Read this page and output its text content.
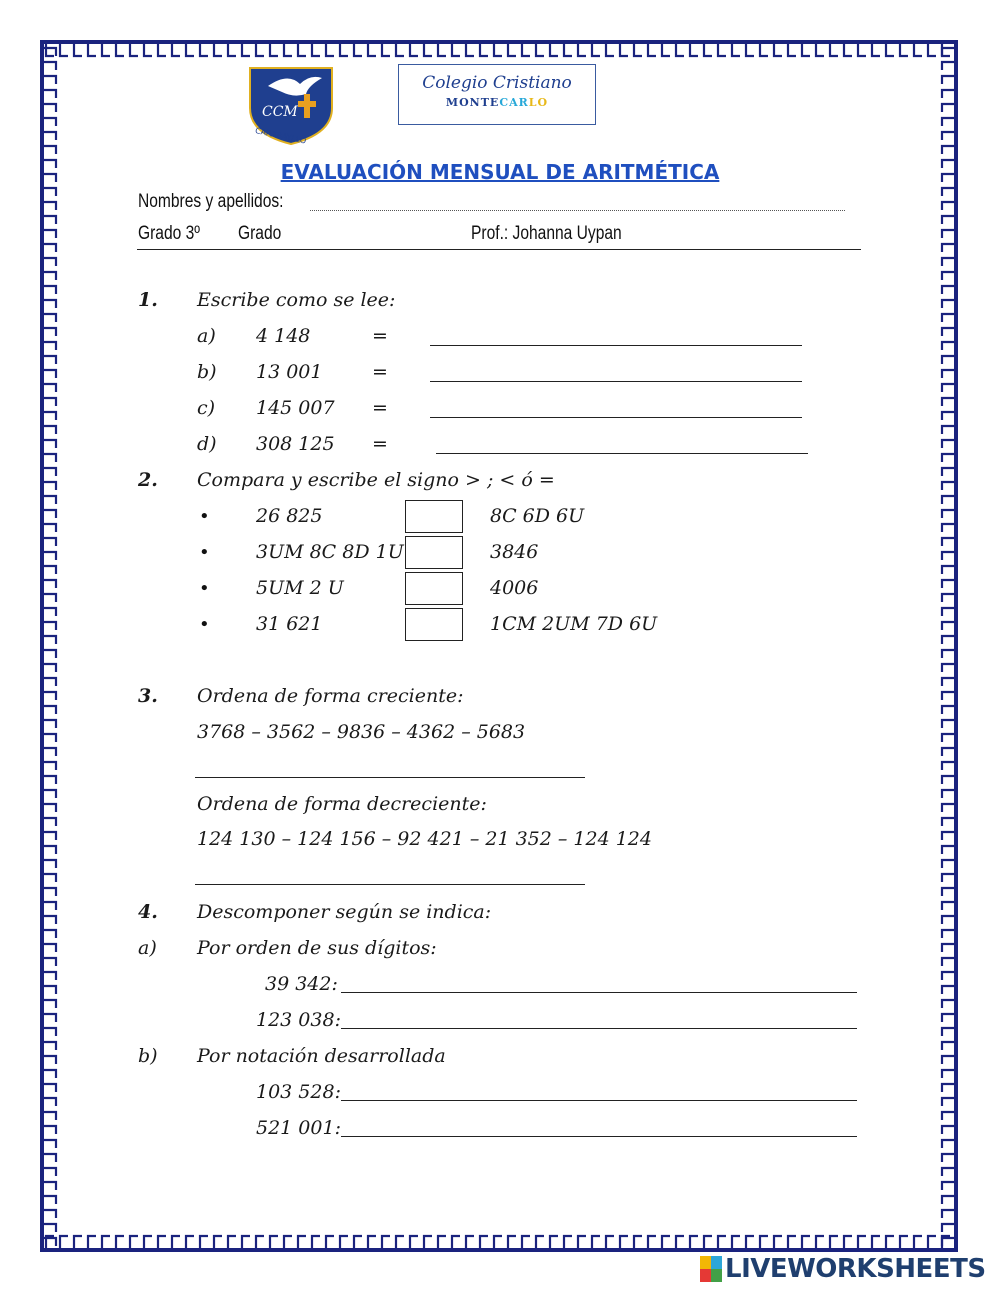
CCM
CARABAYLLO
Colegio Cristiano
MONTECARLO
EVALUACIÓN MENSUAL DE ARITMÉTICA
Nombres y apellidos:
Grado 3º Grado	Prof.: Johanna Uypan
1. Escribe como se lee:
a) 4 148	=
b) 13 001	=
c) 145 007 =
d) 308 125 =
2. Compara y escribe el signo > ; < ó =
• 26 825	8C 6D 6U
• 3UM 8C 8D 1U	3846
• 5UM 2 U	4006
• 31 621	1CM 2UM 7D 6U
3. Ordena de forma creciente:
3768 – 3562 – 9836 – 4362 – 5683
Ordena de forma decreciente:
124 130 – 124 156 – 92 421 – 21 352 – 124 124
4. Descomponer según se indica:
a) Por orden de sus dígitos:
39 342:
123 038:
b) Por notación desarrollada
103 528:
521 001:
LIVEWORKSHEETS
